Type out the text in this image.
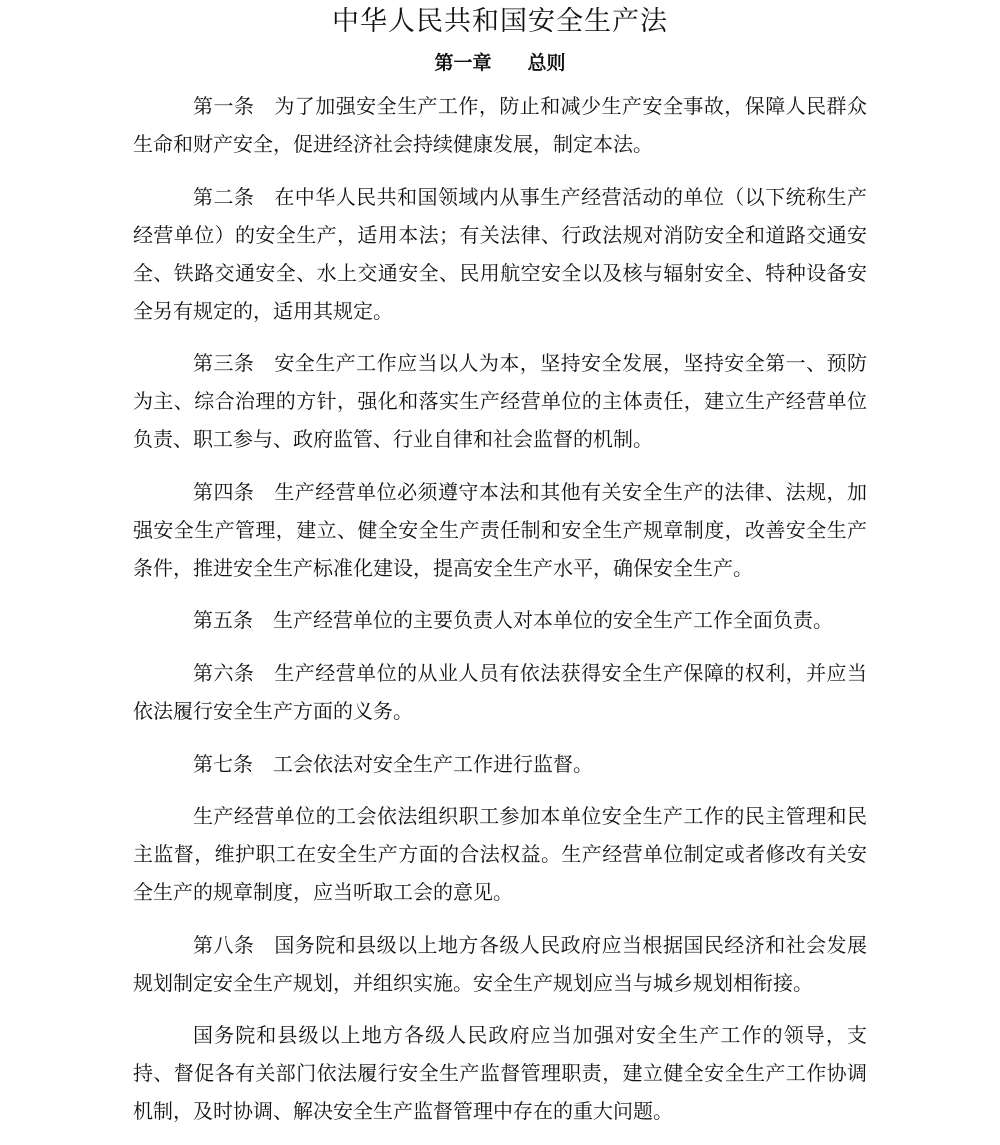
中华人民共和国安全生产法
第一章 总则

第一条 为了加强安全生产工作，防止和减少生产安全事故，保障人民群众生命和财产安全，促进经济社会持续健康发展，制定本法。

第二条 在中华人民共和国领域内从事生产经营活动的单位（以下统称生产经营单位）的安全生产，适用本法；有关法律、行政法规对消防安全和道路交通安全、铁路交通安全、水上交通安全、民用航空安全以及核与辐射安全、特种设备安全另有规定的，适用其规定。

第三条 安全生产工作应当以人为本，坚持安全发展，坚持安全第一、预防为主、综合治理的方针，强化和落实生产经营单位的主体责任，建立生产经营单位负责、职工参与、政府监管、行业自律和社会监督的机制。

第四条 生产经营单位必须遵守本法和其他有关安全生产的法律、法规，加强安全生产管理，建立、健全安全生产责任制和安全生产规章制度，改善安全生产条件，推进安全生产标准化建设，提高安全生产水平，确保安全生产。

第五条 生产经营单位的主要负责人对本单位的安全生产工作全面负责。

第六条 生产经营单位的从业人员有依法获得安全生产保障的权利，并应当依法履行安全生产方面的义务。

第七条 工会依法对安全生产工作进行监督。

生产经营单位的工会依法组织职工参加本单位安全生产工作的民主管理和民主监督，维护职工在安全生产方面的合法权益。生产经营单位制定或者修改有关安全生产的规章制度，应当听取工会的意见。

第八条 国务院和县级以上地方各级人民政府应当根据国民经济和社会发展规划制定安全生产规划，并组织实施。安全生产规划应当与城乡规划相衔接。

国务院和县级以上地方各级人民政府应当加强对安全生产工作的领导，支持、督促各有关部门依法履行安全生产监督管理职责，建立健全安全生产工作协调机制，及时协调、解决安全生产监督管理中存在的重大问题。
